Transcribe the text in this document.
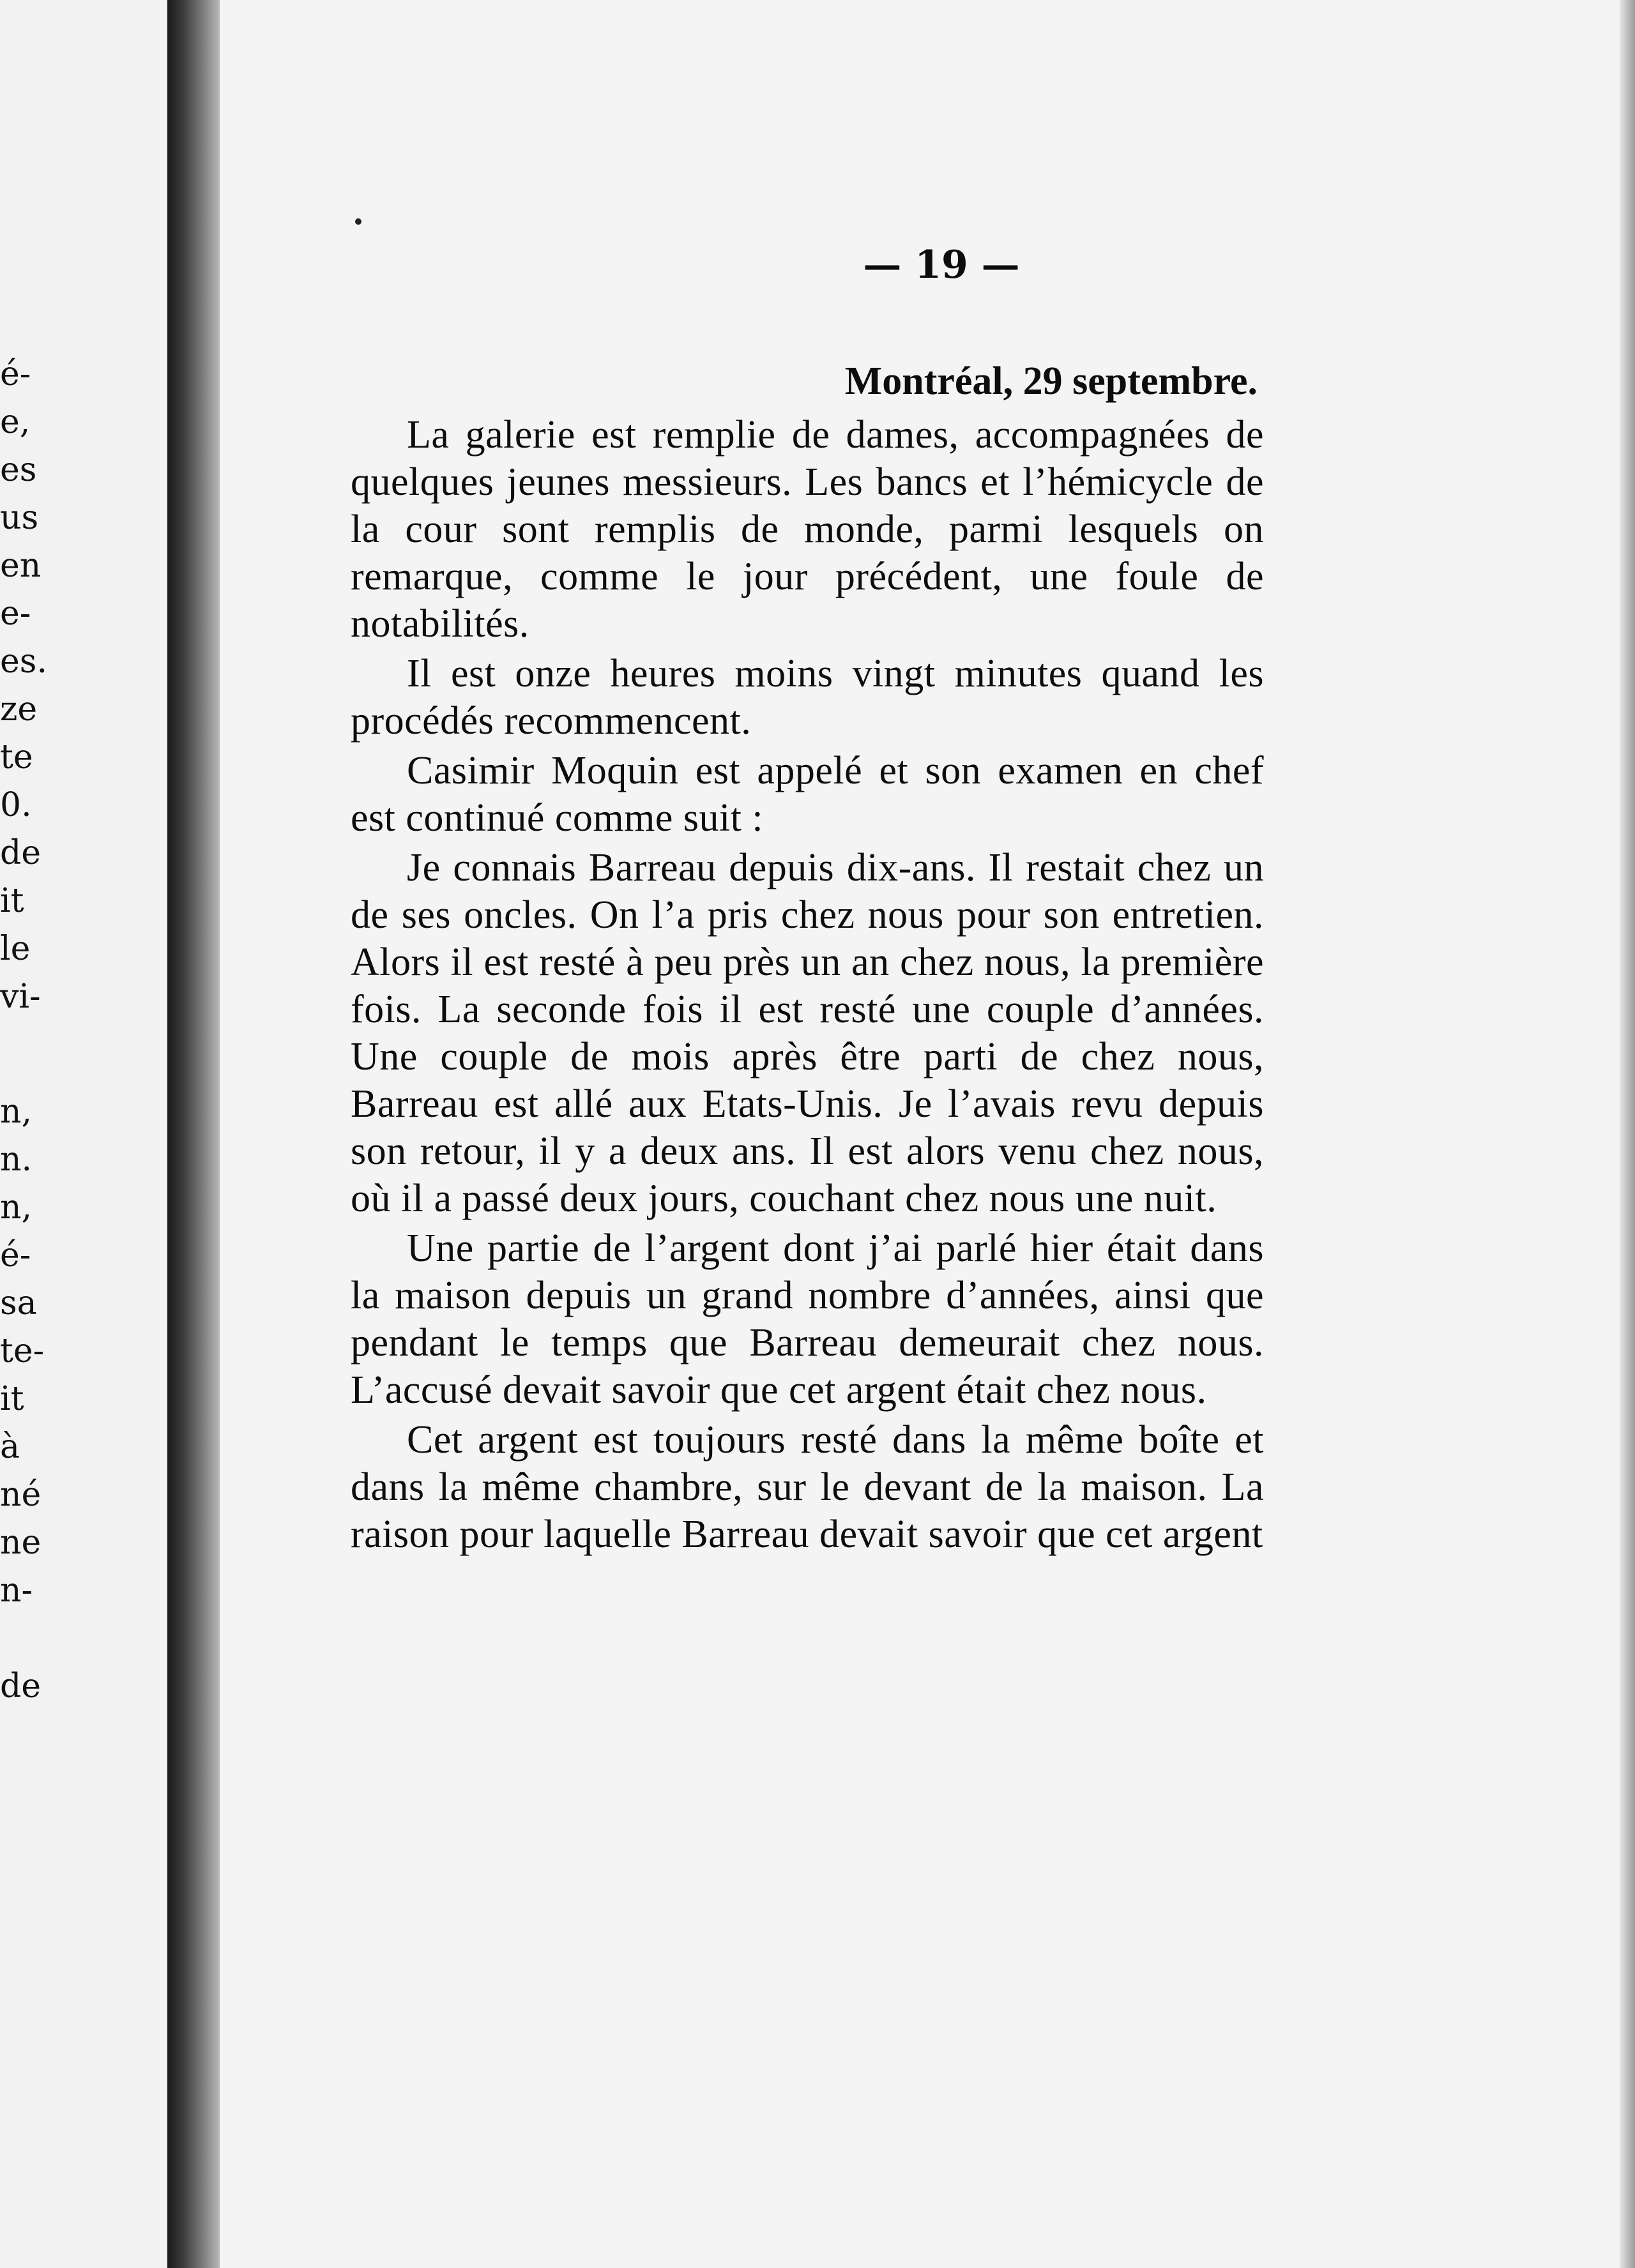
é-
e,
es
us
en
e-
es.
ze
te
0.
de
it
le
vi-
n,
n.
n,
é-
sa
te-
it
à
né
ne
n-
de
— 19 —
Montréal, 29 septembre.

La galerie est remplie de dames, accompagnées de quelques jeunes messieurs. Les bancs et l’hémicycle de la cour sont remplis de monde, parmi lesquels on remarque, comme le jour précédent, une foule de notabilités.

Il est onze heures moins vingt minutes quand les procédés recommencent.

Casimir Moquin est appelé et son examen en chef est continué comme suit :

Je connais Barreau depuis dix-ans. Il restait chez un de ses oncles. On l’a pris chez nous pour son entretien. Alors il est resté à peu près un an chez nous, la première fois. La seconde fois il est resté une couple d’années. Une couple de mois après être parti de chez nous, Barreau est allé aux Etats-Unis. Je l’avais revu depuis son retour, il y a deux ans. Il est alors venu chez nous, où il a passé deux jours, couchant chez nous une nuit.

Une partie de l’argent dont j’ai parlé hier était dans la maison depuis un grand nombre d’années, ainsi que pendant le temps que Barreau demeurait chez nous. L’accusé devait savoir que cet argent était chez nous.

Cet argent est toujours resté dans la même boîte et dans la même chambre, sur le devant de la maison. La raison pour laquelle Barreau devait savoir que cet argent
